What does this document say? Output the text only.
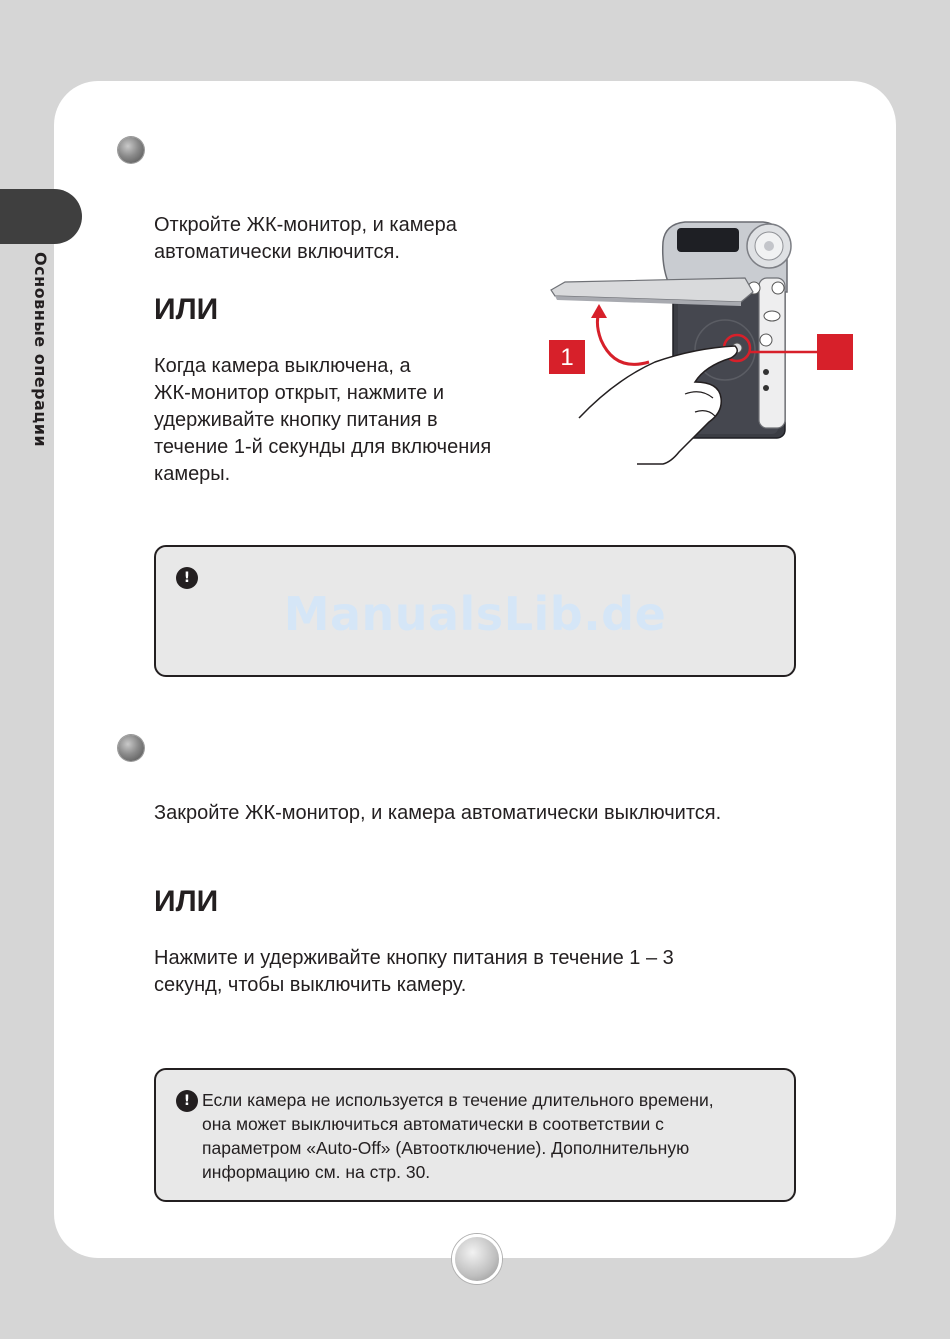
Основные операции
Откройте ЖК-монитор, и камера
автоматически включится.
ИЛИ
Когда камера выключена, а
ЖК-монитор открыт, нажмите и
удерживайте кнопку питания в
течение 1-й секунды для включения
камеры.
1
!
ManualsLib.de
Закройте ЖК-монитор, и камера автоматически выключится.
ИЛИ
Нажмите и удерживайте кнопку питания в течение 1 – 3
секунд, чтобы выключить камеру.
! Если камера не используется в течение длительного времени,
она может выключиться автоматически в соответствии с
параметром «Auto-Off» (Автоотключение). Дополнительную
информацию см. на стр. 30.
